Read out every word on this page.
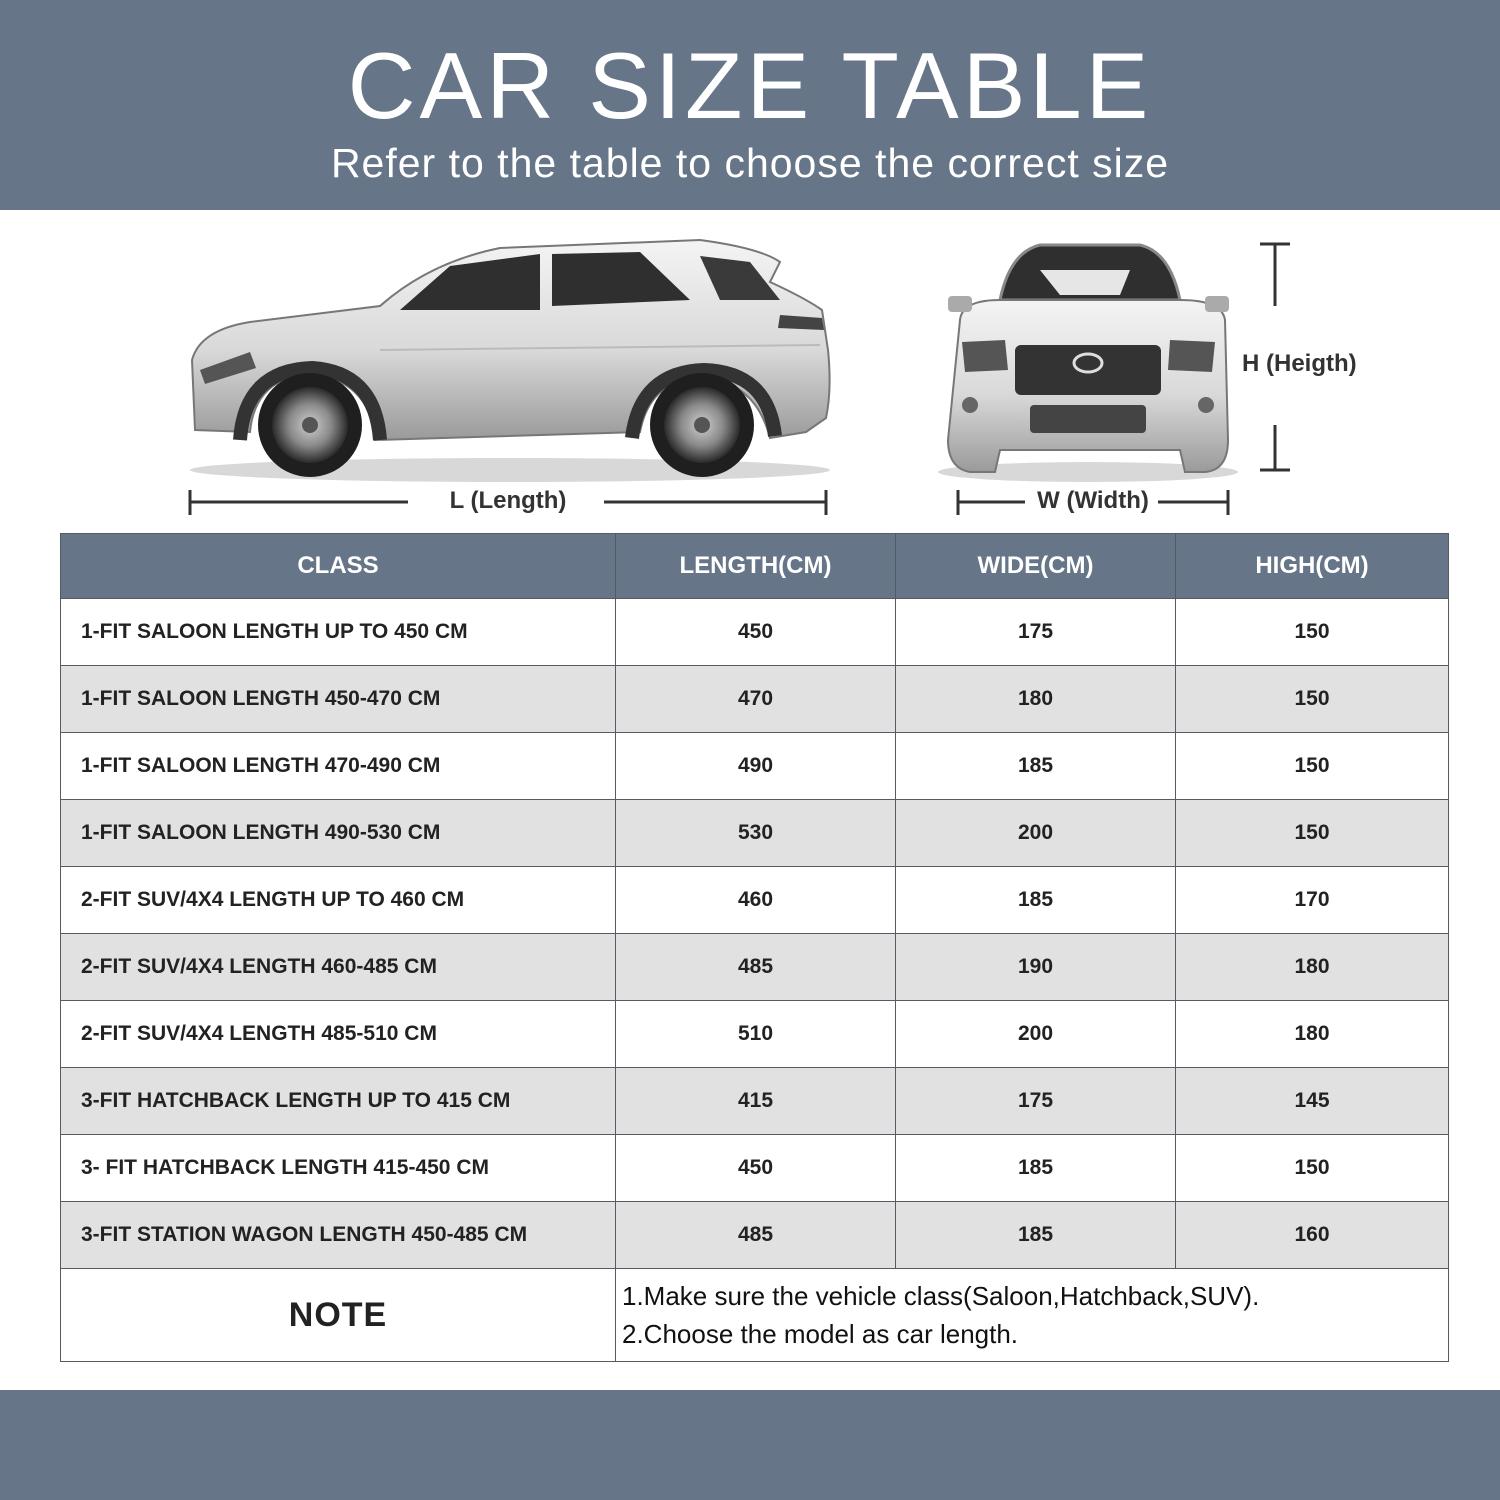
CAR SIZE TABLE
Refer to the table to choose the correct size
L (Length)	W (Width)
H (Heigth)
CLASS	LENGTH(CM)	WIDE(CM)	HIGH(CM)
1-FIT SALOON LENGTH UP TO 450 CM	450	175	150
1-FIT SALOON LENGTH 450-470 CM	470	180	150
1-FIT SALOON LENGTH 470-490 CM	490	185	150
1-FIT SALOON LENGTH 490-530 CM	530	200	150
2-FIT SUV/4X4 LENGTH UP TO 460 CM	460	185	170
2-FIT SUV/4X4 LENGTH 460-485 CM	485	190	180
2-FIT SUV/4X4 LENGTH 485-510 CM	510	200	180
3-FIT HATCHBACK LENGTH UP TO 415 CM	415	175	145
3- FIT HATCHBACK LENGTH 415-450 CM	450	185	150
3-FIT STATION WAGON LENGTH 450-485 CM	485	185	160
NOTE	1.Make sure the vehicle class(Saloon,Hatchback,SUV).
2.Choose the model as car length.		
